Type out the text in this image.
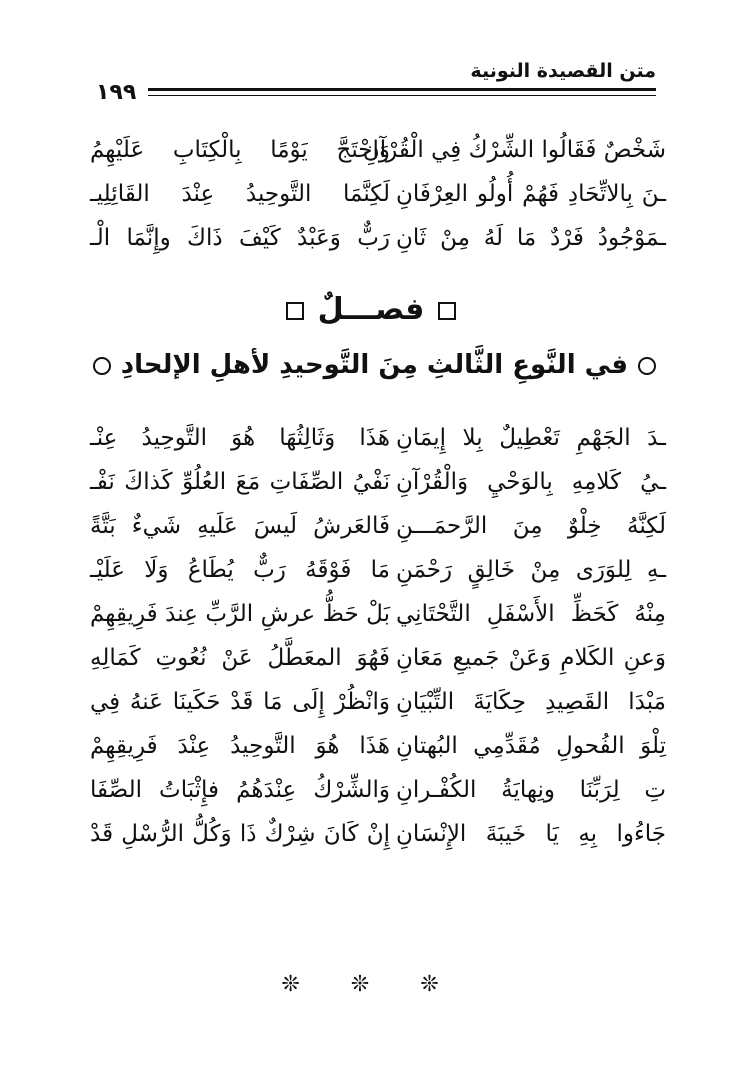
متن القصيدة النونية
١٩٩
وَاحْتَجَّ يَوْمًا بِالْكِتَابِ عَلَيْهِمُ
شَخْصٌ فَقَالُوا الشِّرْكُ فِي الْقُرْآنِ
لَكِنَّمَا التَّوحِيدُ عِنْدَ القَائِلِيـ ـنَ بِالاتِّحَادِ فَهُمْ أُولُو العِرْفَانِ
رَبٌّ وَعَبْدٌ كَيْفَ ذَاكَ وإِنَّمَا الْـ ـمَوْجُودُ فَرْدٌ مَا لَهُ مِنْ ثَانِ
فصـــلٌ
في النَّوعِ الثَّالثِ مِنَ التَّوحيدِ لأهلِ الإلحادِ
هَذَا وَثَالِثُهَا هُوَ التَّوحِيدُ عِنْـ ـدَ الجَهْمِ تَعْطِيلٌ بِلا إِيمَانِ
نَفْيُ الصِّفَاتِ مَعَ العُلُوِّ كَذاكَ نَفْـ ـيُ كَلامِهِ بِالوَحْيِ وَالْقُرْآنِ
فَالعَرشُ لَيسَ عَلَيهِ شَيءٌ بَتَّةً لَكِنَّهُ خِلْوٌ مِنَ الرَّحمَـــنِ
مَا فَوْقَهُ رَبٌّ يُطَاعُ وَلَا عَلَيْـ ـهِ لِلوَرَى مِنْ خَالِقٍ رَحْمَنِ
بَلْ حَظُّ عرشِ الرَّبِّ عِندَ فَرِيقِهِمْ مِنْهُ كَحَظِّ الأَسْفَلِ التَّحْتَانِي
فَهُوَ المعَطَّلُ عَنْ نُعُوتِ كَمَالِهِ وَعنِ الكَلامِ وَعَنْ جَميعِ مَعَانِ
وَانْظُرْ إِلَى مَا قَدْ حَكَينَا عَنهُ فِي مَبْدَا القَصِيدِ حِكَايَةَ التِّبْيَانِ
هَذَا هُوَ التَّوحِيدُ عِنْدَ فَرِيقِهِمْ تِلْوَ الفُحولِ مُقَدِّمِي البُهتانِ
وَالشِّرْكُ عِنْدَهُمُ فإِثْبَاتُ الصِّفَا تِ لِرَبِّنَا ونِهايَةُ الكُفْـرانِ
إِنْ كَانَ شِرْكٌ ذَا وَكُلُّ الرُّسْلِ قَدْ جَاءُوا بِهِ يَا خَيبَةَ الإِنْسَانِ
❊ ❊ ❊
